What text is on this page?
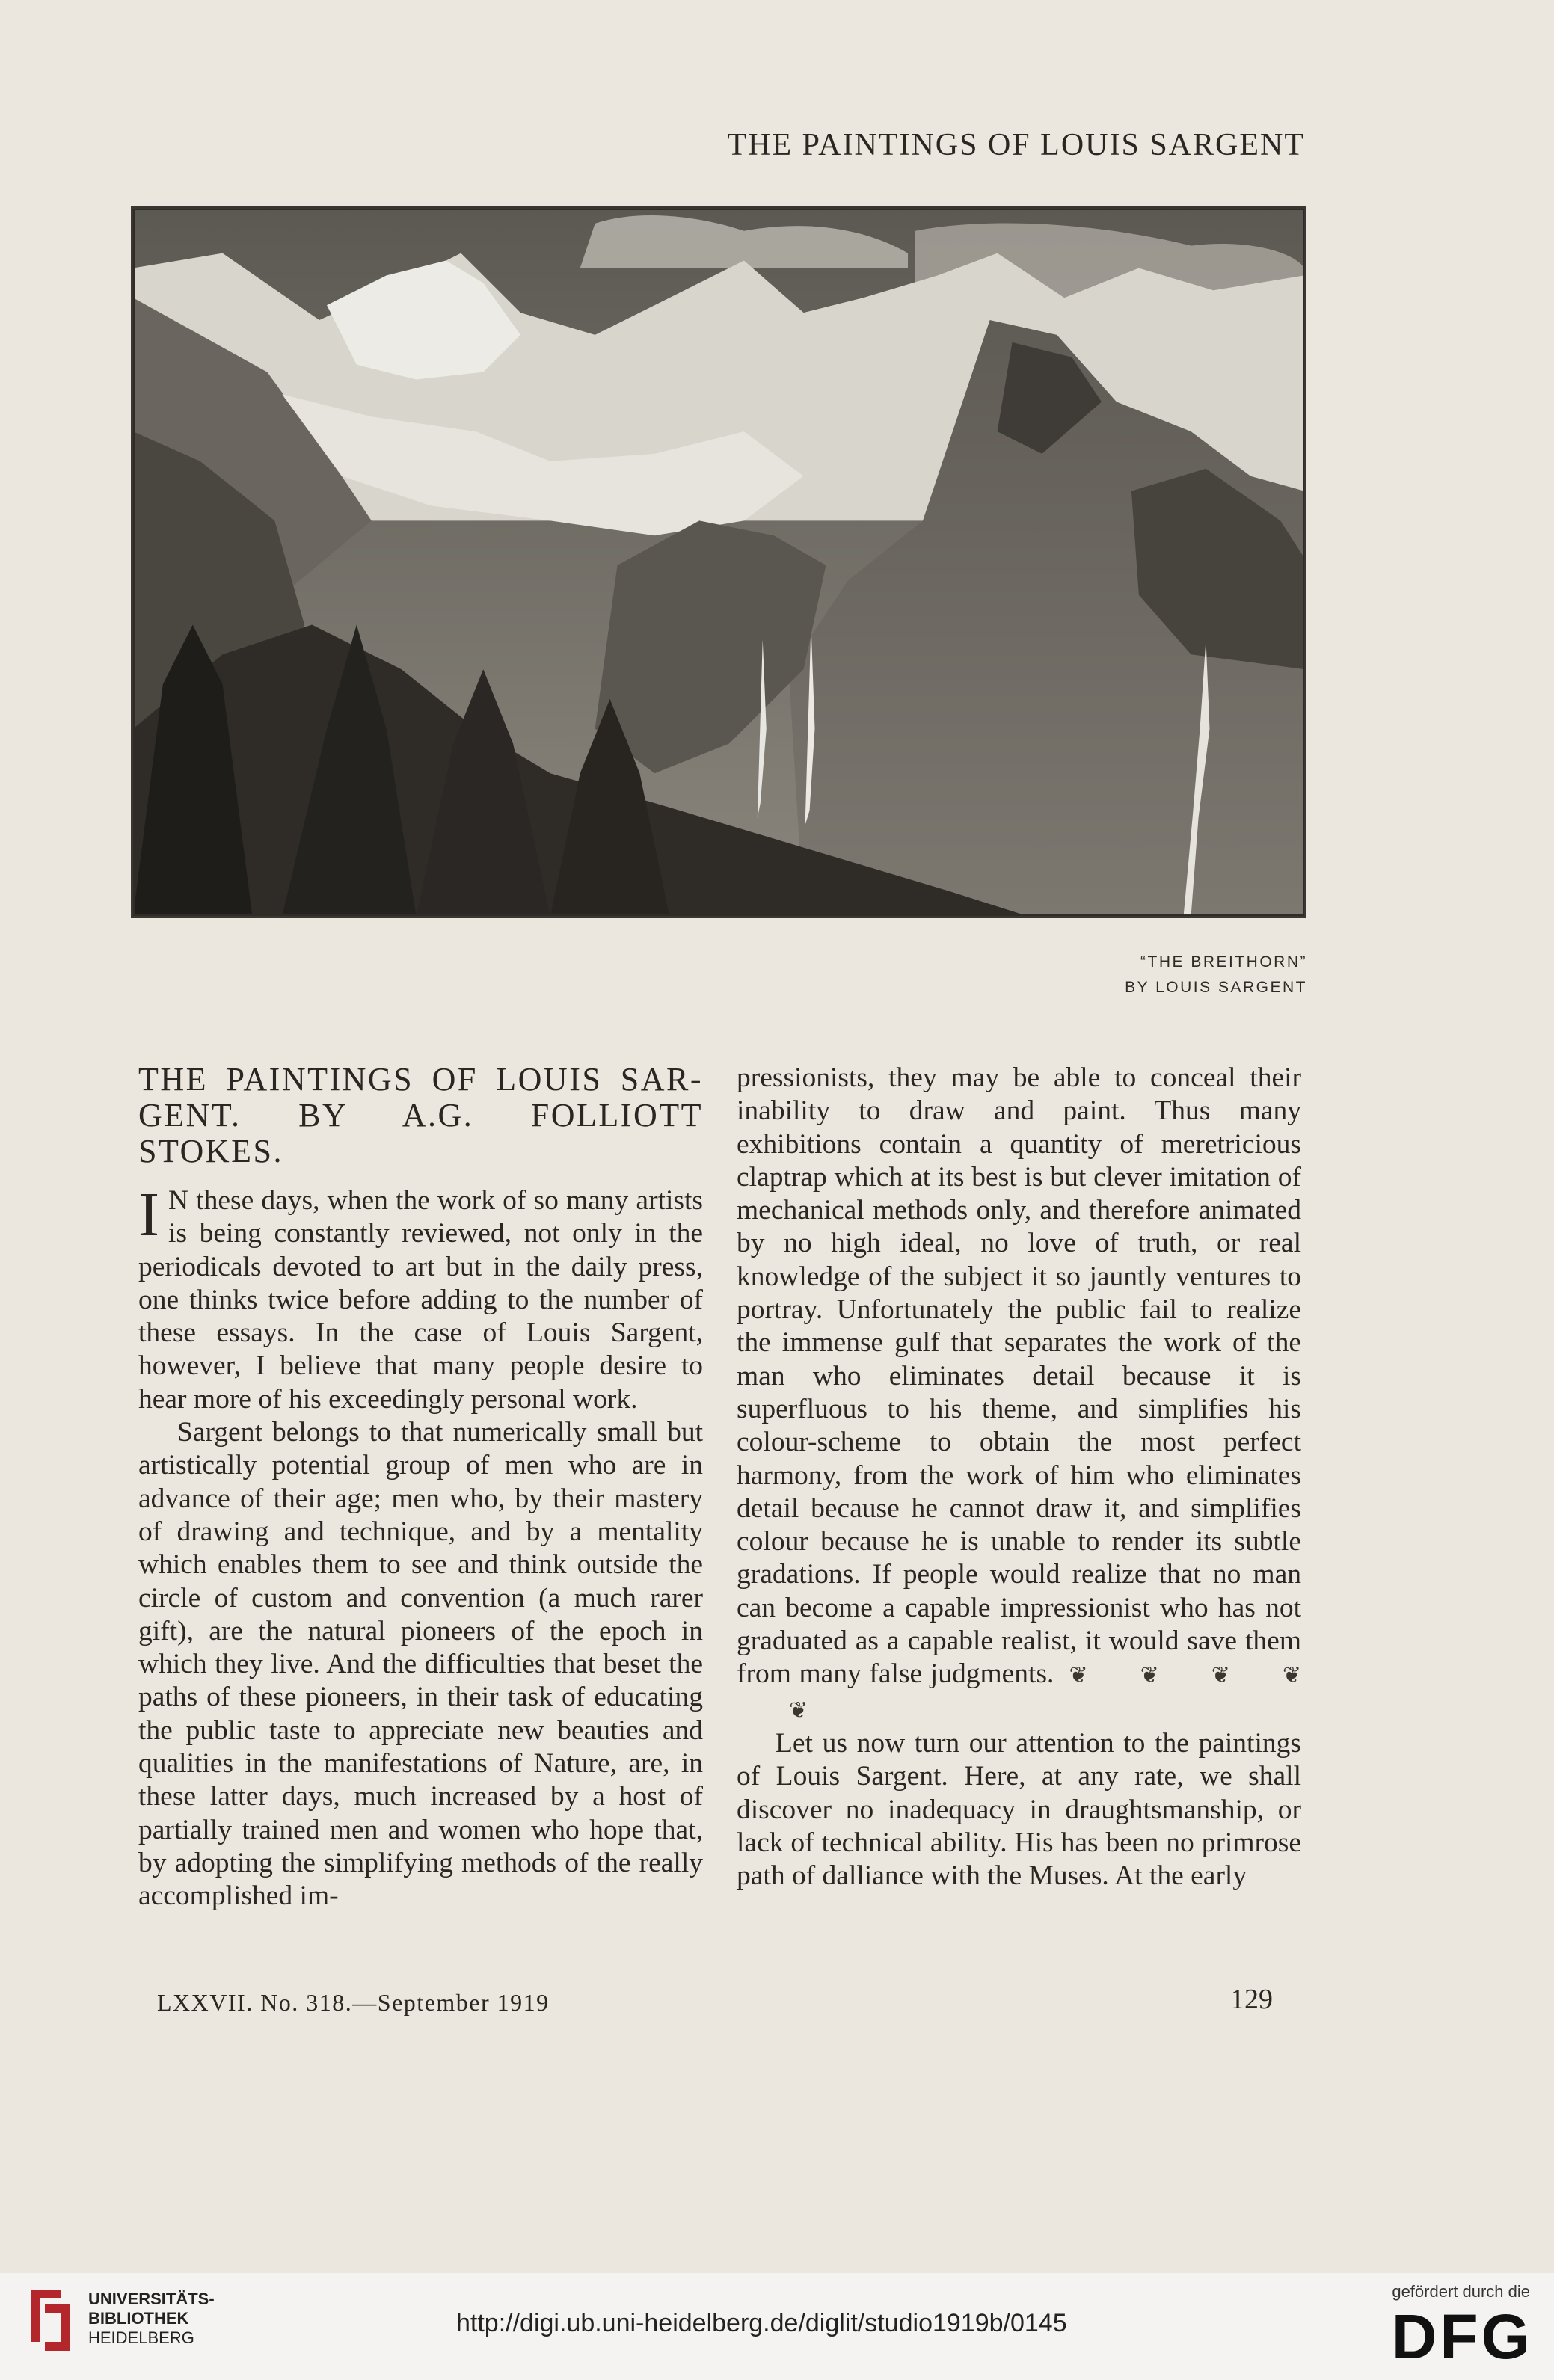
THE PAINTINGS OF LOUIS SARGENT
“THE BREITHORN”
BY LOUIS SARGENT
THE PAINTINGS OF LOUIS SAR-GENT. BY A.G. FOLLIOTT STOKES.

I N these days, when the work of so many artists is being constantly reviewed, not only in the periodicals devoted to art but in the daily press, one thinks twice before adding to the number of these essays. In the case of Louis Sargent, however, I believe that many people desire to hear more of his exceedingly personal work.

Sargent belongs to that numerically small but artistically potential group of men who are in advance of their age; men who, by their mastery of drawing and technique, and by a mentality which enables them to see and think outside the circle of custom and convention (a much rarer gift), are the natural pioneers of the epoch in which they live. And the difficulties that beset the paths of these pioneers, in their task of educating the public taste to appreciate new beauties and qualities in the manifestations of Nature, are, in these latter days, much increased by a host of partially trained men and women who hope that, by adopting the simplifying methods of the really accomplished im-

pressionists, they may be able to conceal their inability to draw and paint. Thus many exhibitions contain a quantity of meretricious claptrap which at its best is but clever imitation of mechanical methods only, and therefore animated by no high ideal, no love of truth, or real knowledge of the subject it so jauntly ventures to portray. Unfortunately the public fail to realize the immense gulf that separates the work of the man who eliminates detail because it is superfluous to his theme, and simplifies his colour-scheme to obtain the most perfect harmony, from the work of him who eliminates detail because he cannot draw it, and simplifies colour because he is unable to render its subtle gradations. If people would realize that no man can become a capable impressionist who has not graduated as a capable realist, it would save them from many false judgments. ❦ ❦ ❦ ❦❦

Let us now turn our attention to the paintings of Louis Sargent. Here, at any rate, we shall discover no inadequacy in draughtsmanship, or lack of technical ability. His has been no primrose path of dalliance with the Muses. At the early

LXXVII. No. 318.—September 1919	129
UNIVERSITÄTS-
BIBLIOTHEK
HEIDELBERG
http://digi.ub.uni-heidelberg.de/diglit/studio1919b/0145
gefördert durch die
DFG
